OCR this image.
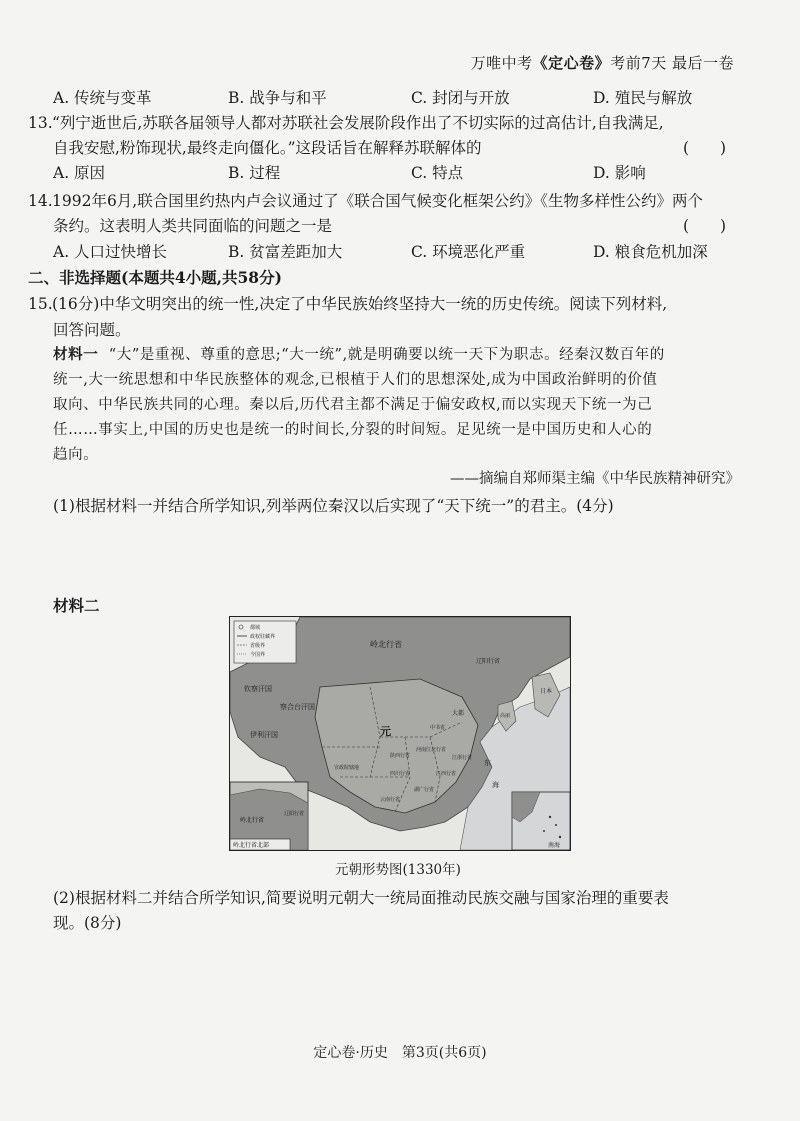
万唯中考《定心卷》考前7天 最后一卷
A. 传统与变革	B. 战争与和平	C. 封闭与开放	D. 殖民与解放
13.“列宁逝世后,苏联各届领导人都对苏联社会发展阶段作出了不切实际的过高估计,自我满足,
自我安慰,粉饰现状,最终走向僵化。”这段话旨在解释苏联解体的	(　　)
A. 原因	B. 过程	C. 特点	D. 影响
14.1992年6月,联合国里约热内卢会议通过了《联合国气候变化框架公约》《生物多样性公约》两个
条约。这表明人类共同面临的问题之一是	(　　)
A. 人口过快增长	B. 贫富差距加大	C. 环境恶化严重	D. 粮食危机加深
二、非选择题(本题共4小题,共58分)
15.(16分)中华文明突出的统一性,决定了中华民族始终坚持大一统的历史传统。阅读下列材料,
回答问题。
材料一 “大”是重视、尊重的意思;“大一统”,就是明确要以统一天下为职志。经秦汉数百年的
统一,大一统思想和中华民族整体的观念,已根植于人们的思想深处,成为中国政治鲜明的价值
取向、中华民族共同的心理。秦以后,历代君主都不满足于偏安政权,而以实现天下统一为己
任……事实上,中国的历史也是统一的时间长,分裂的时间短。足见统一是中国历史和人心的
趋向。
——摘编自郑师渠主编《中华民族精神研究》
(1)根据材料一并结合所学知识,列举两位秦汉以后实现了“天下统一”的君主。(4分)
材料二
都城
政权驻藏界
省级界
今国界
岭北行省
辽阳行省
钦察汗国
察合台汗国
伊利汗国	元
大都
中书省
陕西行省
河南江北行省
宣政院辖地
四川行省
云南行省
湖广行省
江西行省
江浙行省
东
海
高丽
日本
岭北行省
辽阳行省
岭北行省北部	南海
元朝形势图(1330年)
(2)根据材料二并结合所学知识,简要说明元朝大一统局面推动民族交融与国家治理的重要表
现。(8分)
定心卷·历史　第3页(共6页)
